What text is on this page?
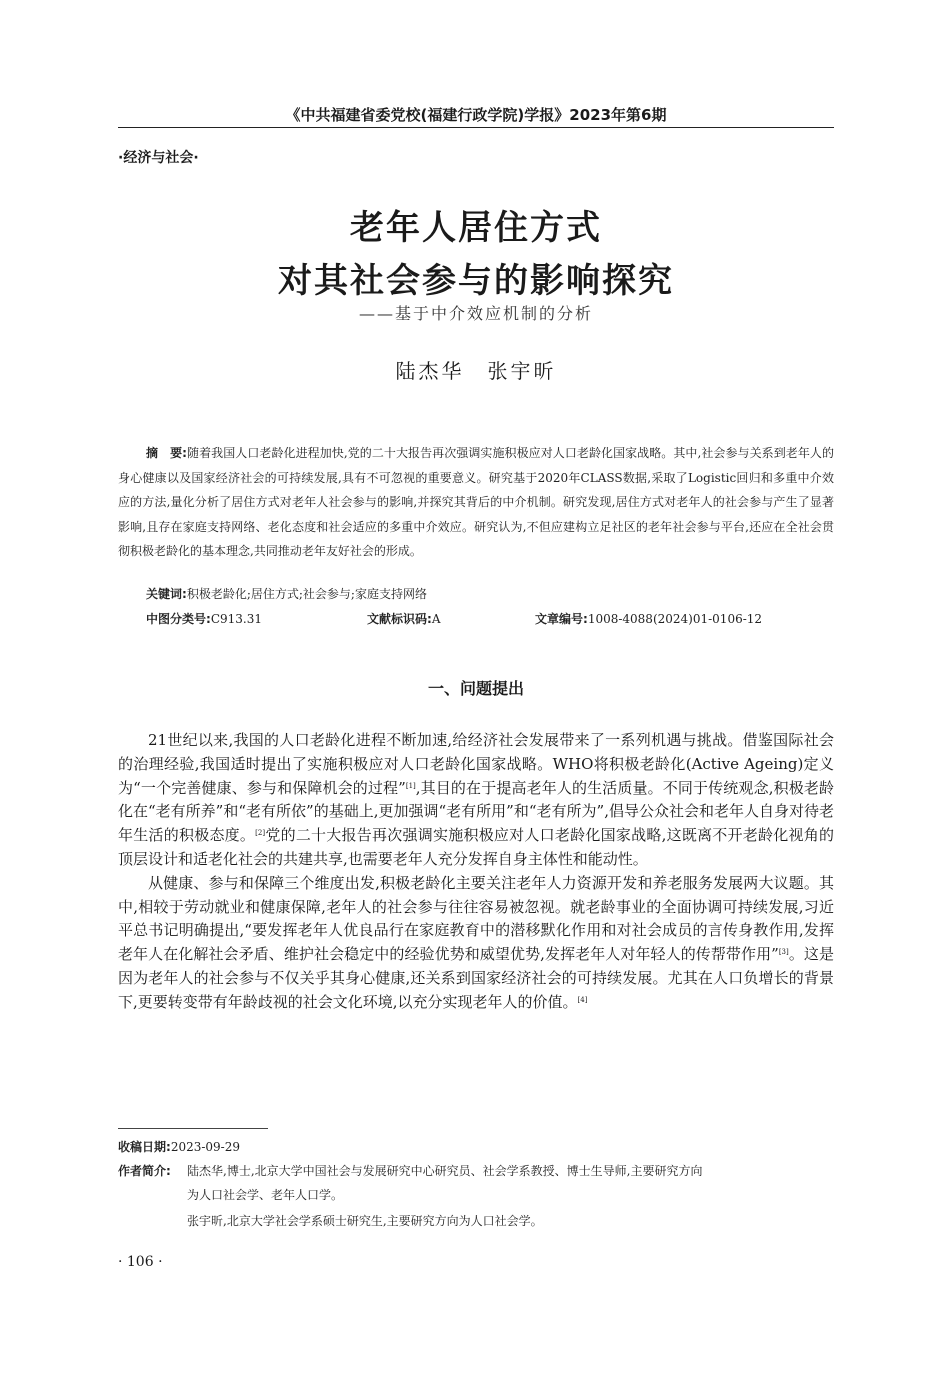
《中共福建省委党校(福建行政学院)学报》2023年第6期
·经济与社会·
老年人居住方式
对其社会参与的影响探究
——基于中介效应机制的分析
陆杰华　张宇昕
摘　要:随着我国人口老龄化进程加快,党的二十大报告再次强调实施积极应对人口老龄化国家战略。其中,社会参与关系到老年人的身心健康以及国家经济社会的可持续发展,具有不可忽视的重要意义。研究基于2020年CLASS数据,采取了Logistic回归和多重中介效应的方法,量化分析了居住方式对老年人社会参与的影响,并探究其背后的中介机制。研究发现,居住方式对老年人的社会参与产生了显著影响,且存在家庭支持网络、老化态度和社会适应的多重中介效应。研究认为,不但应建构立足社区的老年社会参与平台,还应在全社会贯彻积极老龄化的基本理念,共同推动老年友好社会的形成。
关键词:积极老龄化;居住方式;社会参与;家庭支持网络
中图分类号:C913.31	文献标识码:A	文章编号:1008-4088(2024)01-0106-12
一、问题提出

21世纪以来,我国的人口老龄化进程不断加速,给经济社会发展带来了一系列机遇与挑战。借鉴国际社会的治理经验,我国适时提出了实施积极应对人口老龄化国家战略。WHO将积极老龄化(Active Ageing)定义为“一个完善健康、参与和保障机会的过程”[1],其目的在于提高老年人的生活质量。不同于传统观念,积极老龄化在“老有所养”和“老有所依”的基础上,更加强调“老有所用”和“老有所为”,倡导公众社会和老年人自身对待老年生活的积极态度。[2]党的二十大报告再次强调实施积极应对人口老龄化国家战略,这既离不开老龄化视角的顶层设计和适老化社会的共建共享,也需要老年人充分发挥自身主体性和能动性。

从健康、参与和保障三个维度出发,积极老龄化主要关注老年人力资源开发和养老服务发展两大议题。其中,相较于劳动就业和健康保障,老年人的社会参与往往容易被忽视。就老龄事业的全面协调可持续发展,习近平总书记明确提出,“要发挥老年人优良品行在家庭教育中的潜移默化作用和对社会成员的言传身教作用,发挥老年人在化解社会矛盾、维护社会稳定中的经验优势和威望优势,发挥老年人对年轻人的传帮带作用”[3]。这是因为老年人的社会参与不仅关乎其身心健康,还关系到国家经济社会的可持续发展。尤其在人口负增长的背景下,更要转变带有年龄歧视的社会文化环境,以充分实现老年人的价值。[4]

收稿日期:2023-09-29
作者简介: 陆杰华,博士,北京大学中国社会与发展研究中心研究员、社会学系教授、博士生导师,主要研究方向
为人口社会学、老年人口学。
张宇昕,北京大学社会学系硕士研究生,主要研究方向为人口社会学。
· 106 ·
